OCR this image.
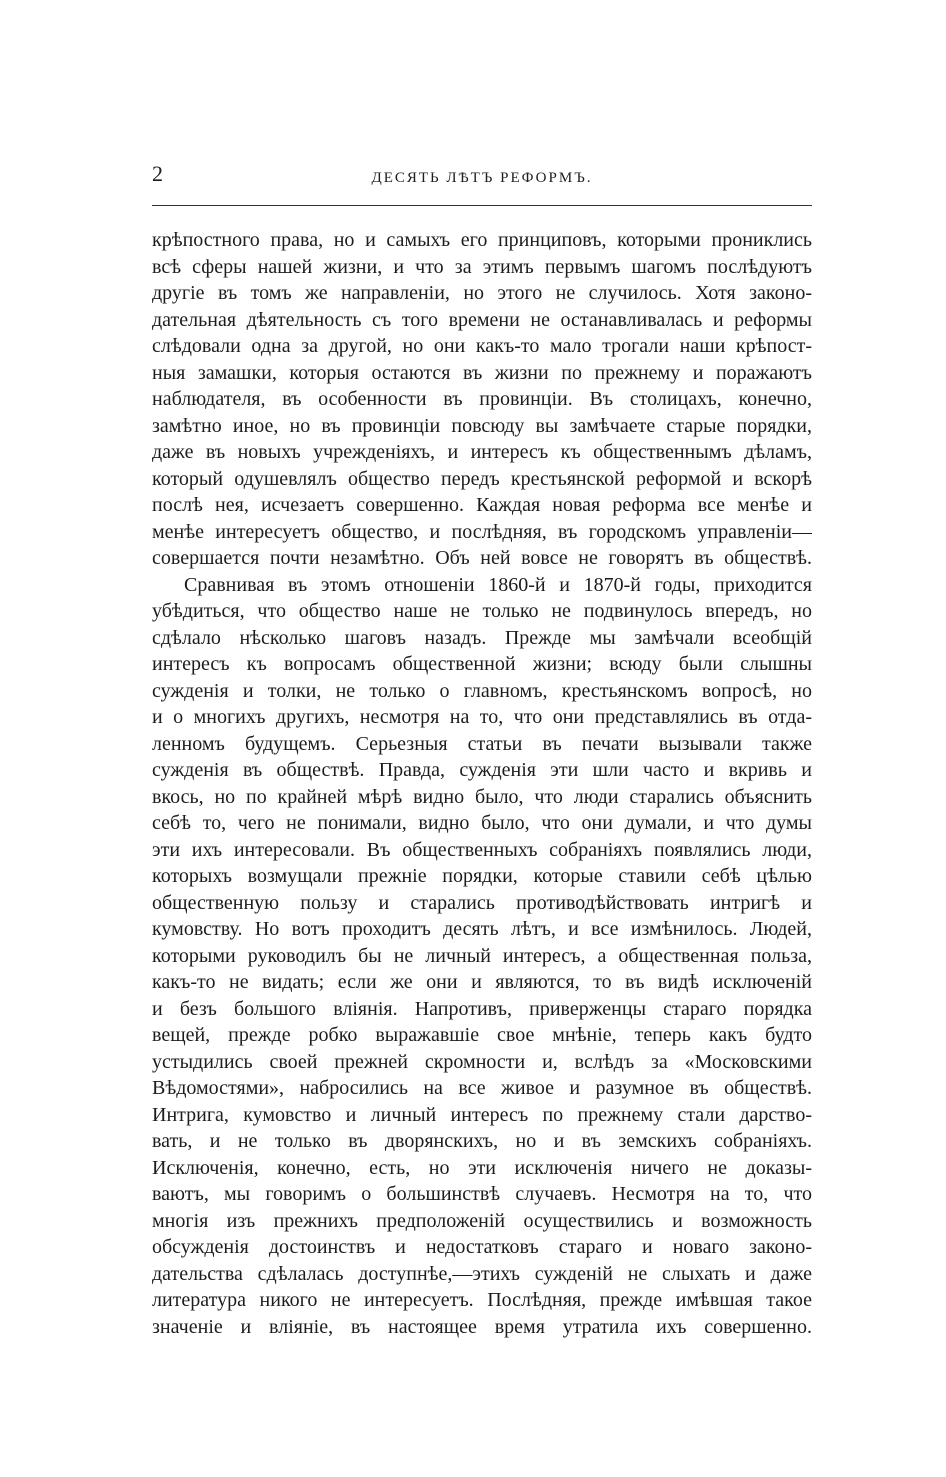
2	ДЕСЯТЬ ЛѢТЪ РЕФОРМЪ.
крѣпостного права, но и самыхъ его принциповъ, которыми прониклись
всѣ сферы нашей жизни, и что за этимъ первымъ шагомъ послѣдуютъ
другіе въ томъ же направленіи, но этого не случилось. Хотя законо-
дательная дѣятельность съ того времени не останавливалась и реформы
слѣдовали одна за другой, но они какъ-то мало трогали наши крѣпост-
ныя замашки, которыя остаются въ жизни по прежнему и поражаютъ
наблюдателя, въ особенности въ провинціи. Въ столицахъ, конечно,
замѣтно иное, но въ провинціи повсюду вы замѣчаете старые порядки,
даже въ новыхъ учрежденіяхъ, и интересъ къ общественнымъ дѣламъ,
который одушевлялъ общество передъ крестьянской реформой и вскорѣ
послѣ нея, исчезаетъ совершенно. Каждая новая реформа все менѣе и
менѣе интересуетъ общество, и послѣдняя, въ городскомъ управленіи—
совершается почти незамѣтно. Объ ней вовсе не говорятъ въ обществѣ.
Сравнивая въ этомъ отношеніи 1860-й и 1870-й годы, приходится
убѣдиться, что общество наше не только не подвинулось впередъ, но
сдѣлало нѣсколько шаговъ назадъ. Прежде мы замѣчали всеобщій
интересъ къ вопросамъ общественной жизни; всюду были слышны
сужденія и толки, не только о главномъ, крестьянскомъ вопросѣ, но
и о многихъ другихъ, несмотря на то, что они представлялись въ отда-
ленномъ будущемъ. Серьезныя статьи въ печати вызывали также
сужденія въ обществѣ. Правда, сужденія эти шли часто и вкривь и
вкось, но по крайней мѣрѣ видно было, что люди старались объяснить
себѣ то, чего не понимали, видно было, что они думали, и что думы
эти ихъ интересовали. Въ общественныхъ собраніяхъ появлялись люди,
которыхъ возмущали прежніе порядки, которые ставили себѣ цѣлью
общественную пользу и старались противодѣйствовать интригѣ и
кумовству. Но вотъ проходитъ десять лѣтъ, и все измѣнилось. Людей,
которыми руководилъ бы не личный интересъ, а общественная польза,
какъ-то не видать; если же они и являются, то въ видѣ исключеній
и безъ большого вліянія. Напротивъ, приверженцы стараго порядка
вещей, прежде робко выражавшіе свое мнѣніе, теперь какъ будто
устыдились своей прежней скромности и, вслѣдъ за «Московскими
Вѣдомостями», набросились на все живое и разумное въ обществѣ.
Интрига, кумовство и личный интересъ по прежнему стали дарство-
вать, и не только въ дворянскихъ, но и въ земскихъ собраніяхъ.
Исключенія, конечно, есть, но эти исключенія ничего не доказы-
ваютъ, мы говоримъ о большинствѣ случаевъ. Несмотря на то, что
многія изъ прежнихъ предположеній осуществились и возможность
обсужденія достоинствъ и недостатковъ стараго и новаго законо-
дательства сдѣлалась доступнѣе,—этихъ сужденій не слыхать и даже
литература никого не интересуетъ. Послѣдняя, прежде имѣвшая такое
значеніе и вліяніе, въ настоящее время утратила ихъ совершенно.
